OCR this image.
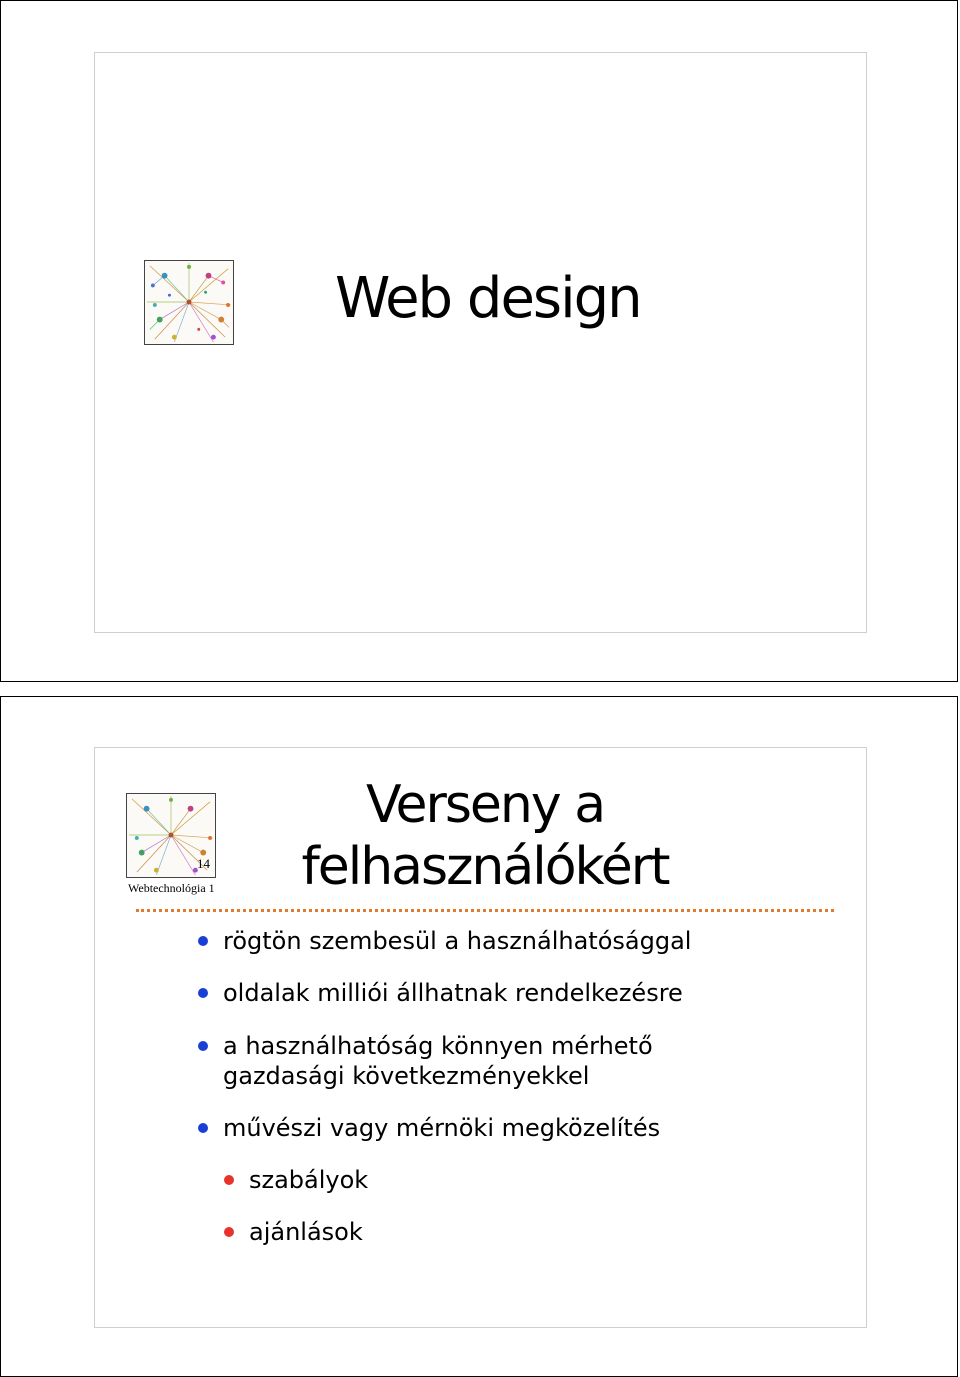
Web design
14
Webtechnológia 1
Verseny a
felhasználókért
rögtön szembesül a használhatósággal
oldalak milliói állhatnak rendelkezésre
a használhatóság könnyen mérhető
gazdasági következményekkel
művészi vagy mérnöki megközelítés
szabályok
ajánlások
